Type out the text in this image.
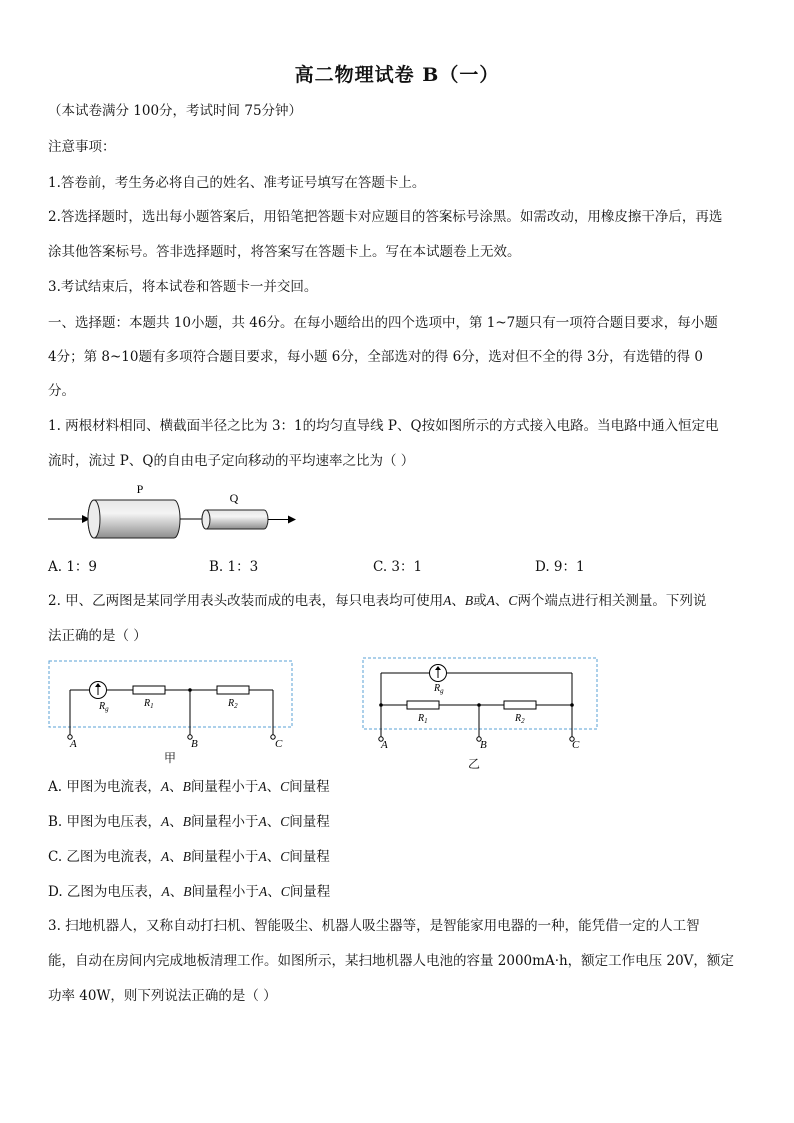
高二物理试卷 B（一）
（本试卷满分 100分，考试时间 75分钟）
注意事项：
1.答卷前，考生务必将自己的姓名、准考证号填写在答题卡上。
2.答选择题时，选出每小题答案后，用铅笔把答题卡对应题目的答案标号涂黑。如需改动，用橡皮擦干净后，再选
涂其他答案标号。答非选择题时，将答案写在答题卡上。写在本试题卷上无效。
3.考试结束后，将本试卷和答题卡一并交回。
一、选择题：本题共 10小题，共 46分。在每小题给出的四个选项中，第 1~7题只有一项符合题目要求，每小题
4分；第 8~10题有多项符合题目要求，每小题 6分，全部选对的得 6分，选对但不全的得 3分，有选错的得 0
分。
1. 两根材料相同、横截面半径之比为 3：1的均匀直导线 P、Q按如图所示的方式接入电路。当电路中通入恒定电
流时，流过 P、Q的自由电子定向移动的平均速率之比为（ ）
P
Q
A. 1：9	B. 1：3	C. 3：1	D. 9：1
2. 甲、乙两图是某同学用表头改装而成的电表，每只电表均可使用A、B或A、C两个端点进行相关测量。下列说
法正确的是（ ）
$R_g$	$R_1$	$R_2$
A	B	C
甲
$R_g$
$R_1$	$R_2$
A	B	C
乙
A. 甲图为电流表，A、B间量程小于A、C间量程
B. 甲图为电压表，A、B间量程小于A、C间量程
C. 乙图为电流表，A、B间量程小于A、C间量程
D. 乙图为电压表，A、B间量程小于A、C间量程
3. 扫地机器人，又称自动打扫机、智能吸尘、机器人吸尘器等，是智能家用电器的一种，能凭借一定的人工智
能，自动在房间内完成地板清理工作。如图所示，某扫地机器人电池的容量 2000mA·h，额定工作电压 20V，额定
功率 40W，则下列说法正确的是（ ）
